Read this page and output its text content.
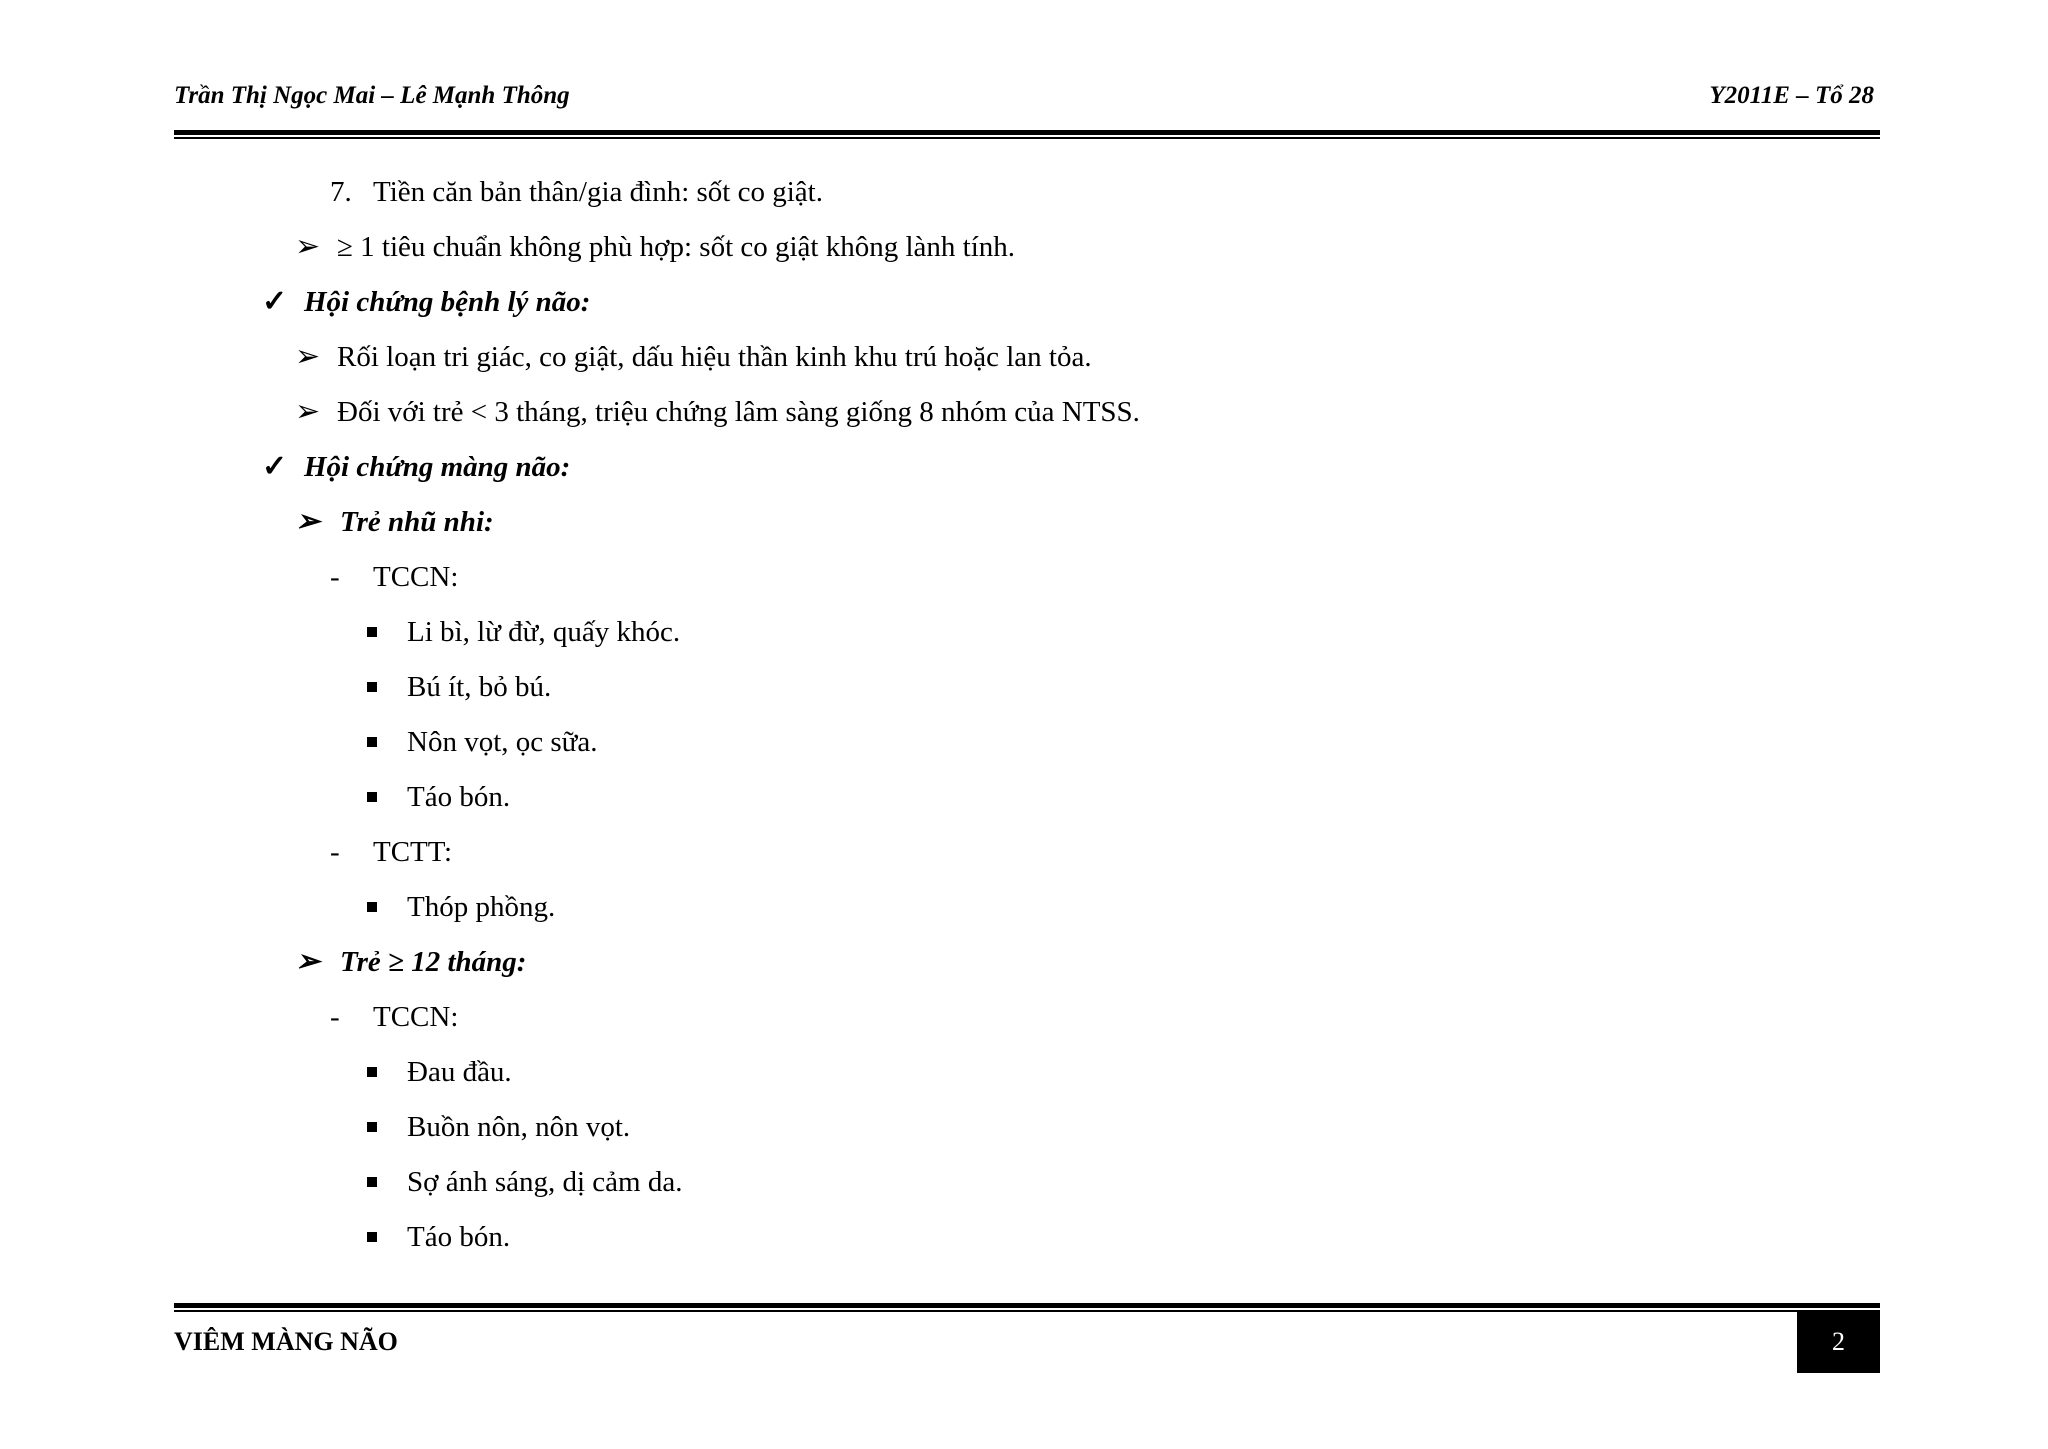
Trần Thị Ngọc Mai – Lê Mạnh Thông	Y2011E – Tổ 28
7. Tiền căn bản thân/gia đình: sốt co giật.
➢ ≥ 1 tiêu chuẩn không phù hợp: sốt co giật không lành tính.
✓ Hội chứng bệnh lý não:
➢ Rối loạn tri giác, co giật, dấu hiệu thần kinh khu trú hoặc lan tỏa.
➢ Đối với trẻ < 3 tháng, triệu chứng lâm sàng giống 8 nhóm của NTSS.
✓ Hội chứng màng não:
➢ Trẻ nhũ nhi:
- TCCN:
Li bì, lừ đừ, quấy khóc.
Bú ít, bỏ bú.
Nôn vọt, ọc sữa.
Táo bón.
- TCTT:
Thóp phồng.
➢ Trẻ ≥ 12 tháng:
- TCCN:
Đau đầu.
Buồn nôn, nôn vọt.
Sợ ánh sáng, dị cảm da.
Táo bón.
VIÊM MÀNG NÃO	2
